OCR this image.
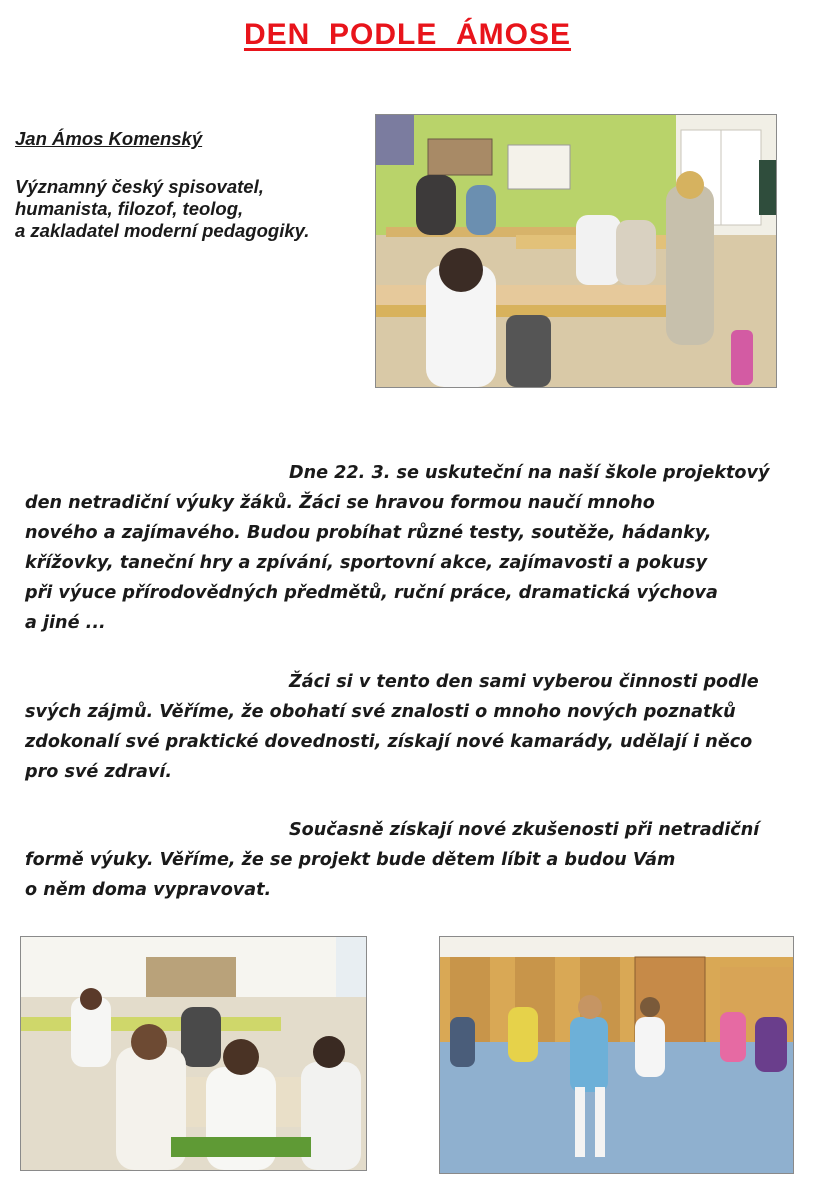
DEN  PODLE  ÁMOSE
Jan Ámos Komenský
Významný český spisovatel,
humanista, filozof, teolog,
a zakladatel moderní pedagogiky.
Dne 22. 3. se uskuteční na naší škole projektový
den netradiční výuky žáků. Žáci se hravou formou naučí mnoho
nového a zajímavého. Budou probíhat různé testy, soutěže, hádanky,
křížovky, taneční hry a zpívání, sportovní akce, zajímavosti a pokusy
při výuce přírodovědných předmětů, ruční práce, dramatická výchova
a jiné ...
Žáci si v tento den sami vyberou činnosti podle
svých zájmů. Věříme, že obohatí své znalosti o mnoho nových poznatků
zdokonalí své praktické dovednosti, získají nové kamarády, udělají i něco
pro své zdraví.
Současně získají nové zkušenosti při netradiční
formě výuky. Věříme, že se projekt bude dětem líbit a budou Vám
o něm doma vypravovat.
